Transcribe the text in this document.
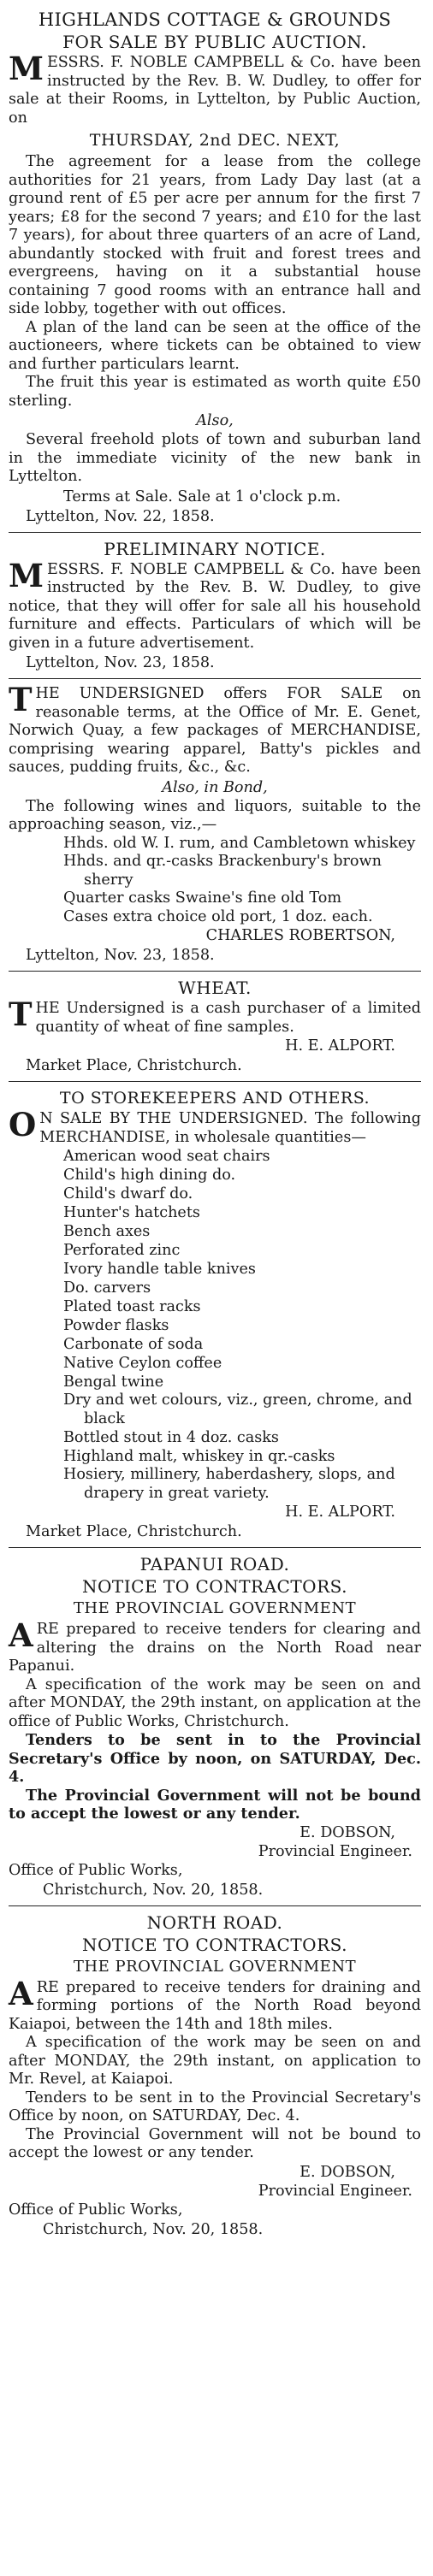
HIGHLANDS COTTAGE & GROUNDS
FOR SALE BY PUBLIC AUCTION.

MESSRS. F. NOBLE CAMPBELL & Co. have been instructed by the Rev. B. W. Dudley, to offer for sale at their Rooms, in Lyttelton, by Public Auction, on

THURSDAY, 2nd DEC. NEXT,

The agreement for a lease from the college authorities for 21 years, from Lady Day last (at a ground rent of £5 per acre per annum for the first 7 years; £8 for the second 7 years; and £10 for the last 7 years), for about three quarters of an acre of Land, abundantly stocked with fruit and forest trees and evergreens, having on it a substantial house containing 7 good rooms with an entrance hall and side lobby, together with out offices.

A plan of the land can be seen at the office of the auctioneers, where tickets can be obtained to view and further particulars learnt.

The fruit this year is estimated as worth quite £50 sterling.

Also,

Several freehold plots of town and suburban land in the immediate vicinity of the new bank in Lyttelton.

Terms at Sale. Sale at 1 o'clock p.m.
Lyttelton, Nov. 22, 1858.
PRELIMINARY NOTICE.

MESSRS. F. NOBLE CAMPBELL & Co. have been instructed by the Rev. B. W. Dudley, to give notice, that they will offer for sale all his household furniture and effects. Particulars of which will be given in a future advertisement.

Lyttelton, Nov. 23, 1858.

THE UNDERSIGNED offers FOR SALE on reasonable terms, at the Office of Mr. E. Genet, Norwich Quay, a few packages of MERCHANDISE, comprising wearing apparel, Batty's pickles and sauces, pudding fruits, &c., &c.

Also, in Bond,

The following wines and liquors, suitable to the approaching season, viz.,—

Hhds. old W. I. rum, and Cambletown whiskey
Hhds. and qr.-casks Brackenbury's brown sherry
Quarter casks Swaine's fine old Tom
Cases extra choice old port, 1 doz. each.
CHARLES ROBERTSON,
Lyttelton, Nov. 23, 1858.
WHEAT.

THE Undersigned is a cash purchaser of a limited quantity of wheat of fine samples.

H. E. ALPORT.
Market Place, Christchurch.
TO STOREKEEPERS AND OTHERS.

O N SALE BY THE UNDERSIGNED. The following MERCHANDISE, in wholesale quantities—

American wood seat chairs
Child's high dining do.
Child's dwarf do.
Hunter's hatchets
Bench axes
Perforated zinc
Ivory handle table knives
Do. carvers
Plated toast racks
Powder flasks
Carbonate of soda
Native Ceylon coffee
Bengal twine
Dry and wet colours, viz., green, chrome, and black
Bottled stout in 4 doz. casks
Highland malt, whiskey in qr.-casks
Hosiery, millinery, haberdashery, slops, and drapery in great variety.
H. E. ALPORT.
Market Place, Christchurch.
PAPANUI ROAD.
NOTICE TO CONTRACTORS.
THE PROVINCIAL GOVERNMENT

ARE prepared to receive tenders for clearing and altering the drains on the North Road near Papanui.

A specification of the work may be seen on and after MONDAY, the 29th instant, on application at the office of Public Works, Christchurch.

Tenders to be sent in to the Provincial Secretary's Office by noon, on SATURDAY, Dec. 4.

The Provincial Government will not be bound to accept the lowest or any tender.

E. DOBSON,
Provincial Engineer.
Office of Public Works,
Christchurch, Nov. 20, 1858.
NORTH ROAD.
NOTICE TO CONTRACTORS.
THE PROVINCIAL GOVERNMENT

ARE prepared to receive tenders for draining and forming portions of the North Road beyond Kaiapoi, between the 14th and 18th miles.

A specification of the work may be seen on and after MONDAY, the 29th instant, on application to Mr. Revel, at Kaiapoi.

Tenders to be sent in to the Provincial Secretary's Office by noon, on SATURDAY, Dec. 4.

The Provincial Government will not be bound to accept the lowest or any tender.

E. DOBSON,
Provincial Engineer.
Office of Public Works,
Christchurch, Nov. 20, 1858.
